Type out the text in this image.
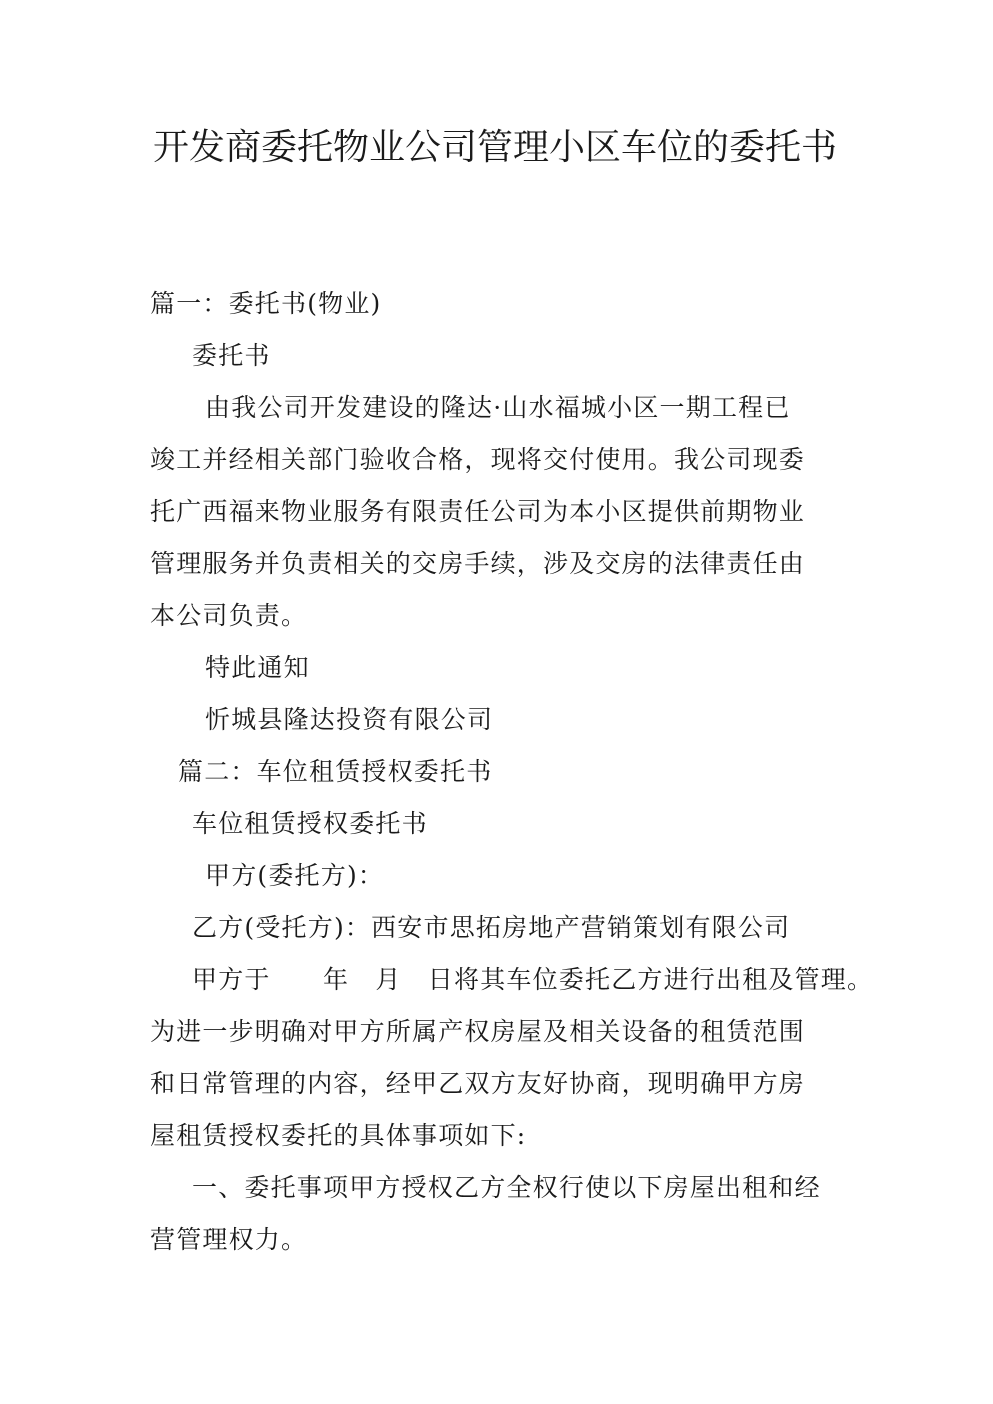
开发商委托物业公司管理小区车位的委托书
篇一：委托书(物业)
委托书
由我公司开发建设的隆达·山水福城小区一期工程已
竣工并经相关部门验收合格，现将交付使用。我公司现委
托广西福来物业服务有限责任公司为本小区提供前期物业
管理服务并负责相关的交房手续，涉及交房的法律责任由
本公司负责。
特此通知
忻城县隆达投资有限公司
篇二：车位租赁授权委托书
车位租赁授权委托书
甲方(委托方)：
乙方(受托方)：西安市思拓房地产营销策划有限公司
甲方于　　年　月　日将其车位委托乙方进行出租及管理。
为进一步明确对甲方所属产权房屋及相关设备的租赁范围
和日常管理的内容，经甲乙双方友好协商，现明确甲方房
屋租赁授权委托的具体事项如下:
一、委托事项甲方授权乙方全权行使以下房屋出租和经
营管理权力。
